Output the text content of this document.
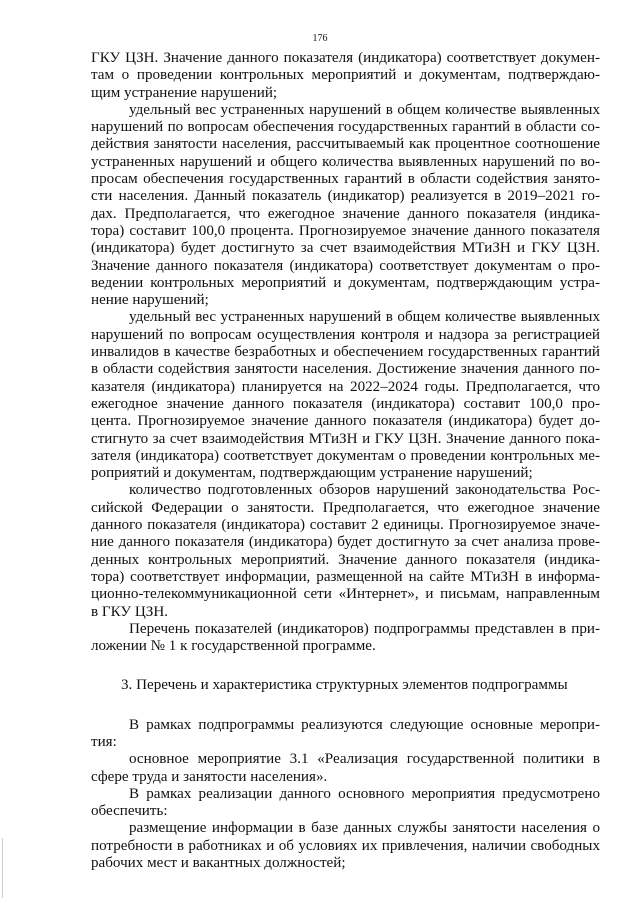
176
ГКУ ЦЗН. Значение данного показателя (индикатора) соответствует докумен-
там о проведении контрольных мероприятий и документам, подтверждаю-
щим устранение нарушений;
удельный вес устраненных нарушений в общем количестве выявленных
нарушений по вопросам обеспечения государственных гарантий в области со-
действия занятости населения, рассчитываемый как процентное соотношение
устраненных нарушений и общего количества выявленных нарушений по во-
просам обеспечения государственных гарантий в области содействия занято-
сти населения. Данный показатель (индикатор) реализуется в 2019–2021 го-
дах. Предполагается, что ежегодное значение данного показателя (индика-
тора) составит 100,0 процента. Прогнозируемое значение данного показателя
(индикатора) будет достигнуто за счет взаимодействия МТиЗН и ГКУ ЦЗН.
Значение данного показателя (индикатора) соответствует документам о про-
ведении контрольных мероприятий и документам, подтверждающим устра-
нение нарушений;
удельный вес устраненных нарушений в общем количестве выявленных
нарушений по вопросам осуществления контроля и надзора за регистрацией
инвалидов в качестве безработных и обеспечением государственных гарантий
в области содействия занятости населения. Достижение значения данного по-
казателя (индикатора) планируется на 2022–2024 годы. Предполагается, что
ежегодное значение данного показателя (индикатора) составит 100,0 про-
цента. Прогнозируемое значение данного показателя (индикатора) будет до-
стигнуто за счет взаимодействия МТиЗН и ГКУ ЦЗН. Значение данного пока-
зателя (индикатора) соответствует документам о проведении контрольных ме-
роприятий и документам, подтверждающим устранение нарушений;
количество подготовленных обзоров нарушений законодательства Рос-
сийской Федерации о занятости. Предполагается, что ежегодное значение
данного показателя (индикатора) составит 2 единицы. Прогнозируемое значе-
ние данного показателя (индикатора) будет достигнуто за счет анализа прове-
денных контрольных мероприятий. Значение данного показателя (индика-
тора) соответствует информации, размещенной на сайте МТиЗН в информа-
ционно-телекоммуникационной сети «Интернет», и письмам, направленным
в ГКУ ЦЗН.
Перечень показателей (индикаторов) подпрограммы представлен в при-
ложении № 1 к государственной программе.
3. Перечень и характеристика структурных элементов подпрограммы
В рамках подпрограммы реализуются следующие основные меропри-
тия:
основное мероприятие 3.1 «Реализация государственной политики в
сфере труда и занятости населения».
В рамках реализации данного основного мероприятия предусмотрено
обеспечить:
размещение информации в базе данных службы занятости населения о
потребности в работниках и об условиях их привлечения, наличии свободных
рабочих мест и вакантных должностей;
